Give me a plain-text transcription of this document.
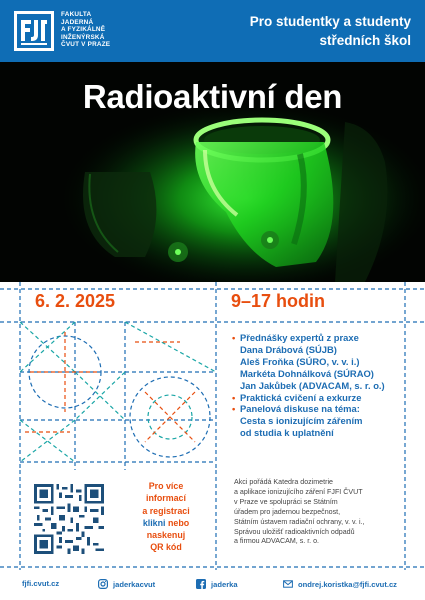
FAKULTA
JADERNÁ
A FYZIKÁLNĚ
INŽENÝRSKÁ
ČVUT V PRAZE
Pro studentky a studenty
středních škol
Radioaktivní den
6. 2. 2025	9–17 hodin
• Přednášky expertů z praxe
Dana Drábová (SÚJB)
Aleš Froňka (SÚRO, v. v. i.)
Markéta Dohnálková (SÚRAO)
Jan Jakůbek (ADVACAM, s. r. o.)
• Praktická cvičení a exkurze
• Panelová diskuse na téma:
Cesta s ionizujícím zářením
od studia k uplatnění
Pro více
informací
a registraci
klikni nebo
naskenuj
QR kód
Akci pořádá Katedra dozimetrie
a aplikace ionizujícího záření FJFI ČVUT
v Praze ve spolupráci se Státním
úřadem pro jadernou bezpečnost,
Státním ústavem radiační ochrany, v. v. i.,
Správou uložišť radioaktivních odpadů
a firmou ADVACAM, s. r. o.
fjfi.cvut.cz	jaderkacvut	jaderka	ondrej.koristka@fjfi.cvut.cz
